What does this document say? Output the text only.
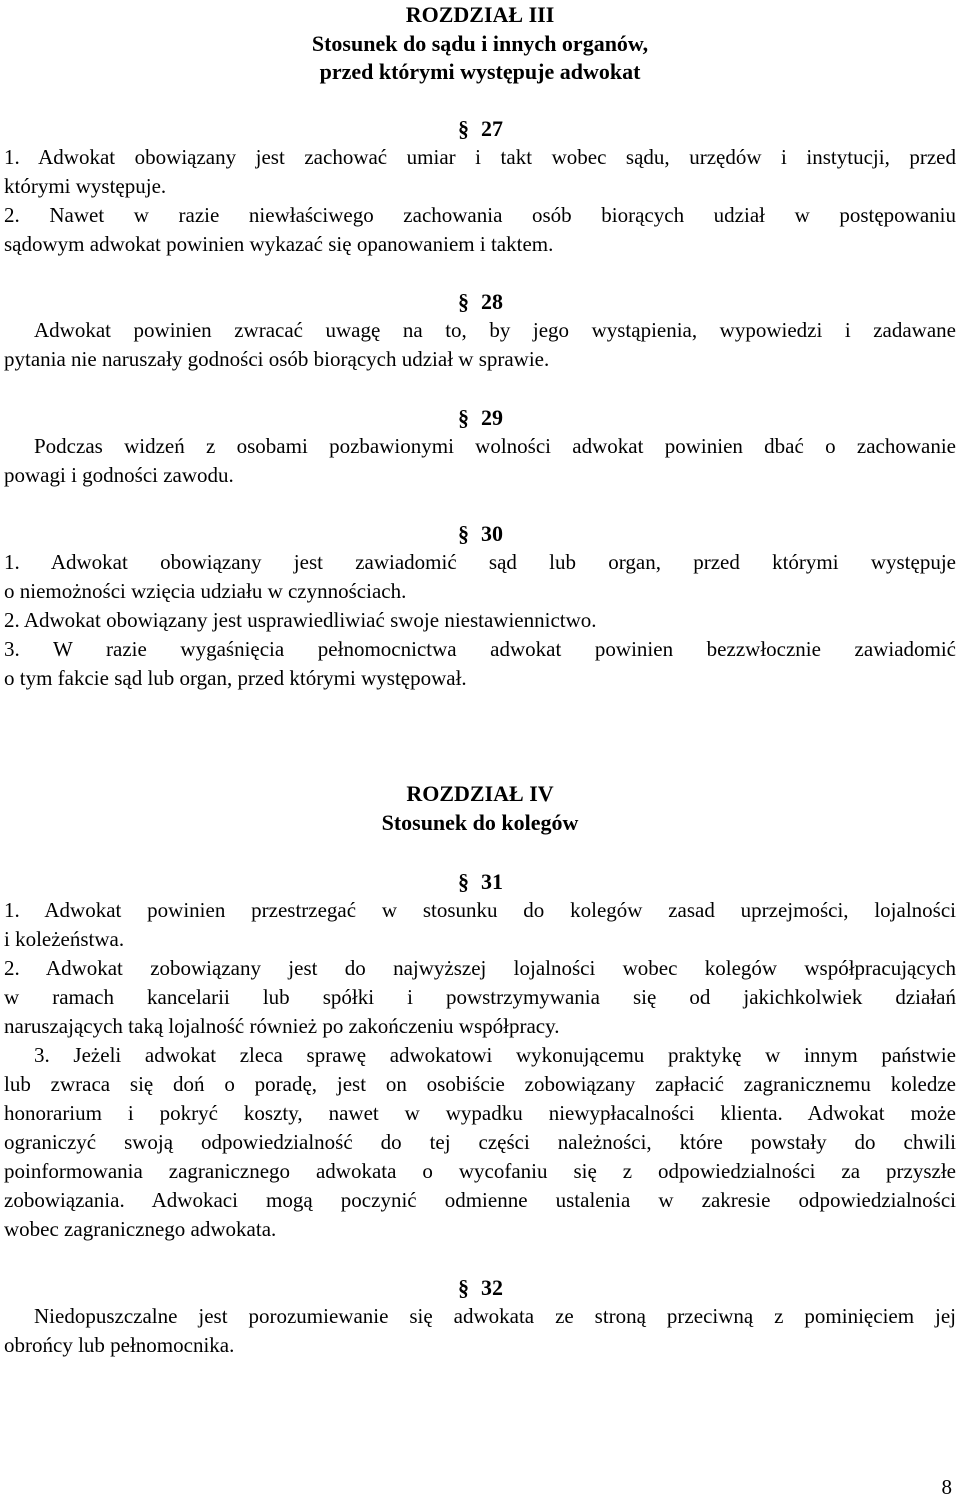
ROZDZIAŁ III
Stosunek do sądu i innych organów,
przed którymi występuje adwokat
§ 27
1. Adwokat obowiązany jest zachować umiar i takt wobec sądu, urzędów i instytucji, przed
którymi występuje.
2. Nawet w razie niewłaściwego zachowania osób biorących udział w postępowaniu
sądowym adwokat powinien wykazać się opanowaniem i taktem.
§ 28
Adwokat powinien zwracać uwagę na to, by jego wystąpienia, wypowiedzi i zadawane
pytania nie naruszały godności osób biorących udział w sprawie.
§ 29
Podczas widzeń z osobami pozbawionymi wolności adwokat powinien dbać o zachowanie
powagi i godności zawodu.
§ 30
1. Adwokat obowiązany jest zawiadomić sąd lub organ, przed którymi występuje
o niemożności wzięcia udziału w czynnościach.
2. Adwokat obowiązany jest usprawiedliwiać swoje niestawiennictwo.
3. W razie wygaśnięcia pełnomocnictwa adwokat powinien bezzwłocznie zawiadomić
o tym fakcie sąd lub organ, przed którymi występował.
ROZDZIAŁ IV
Stosunek do kolegów
§ 31
1. Adwokat powinien przestrzegać w stosunku do kolegów zasad uprzejmości, lojalności
i koleżeństwa.
2. Adwokat zobowiązany jest do najwyższej lojalności wobec kolegów współpracujących
w ramach kancelarii lub spółki i powstrzymywania się od jakichkolwiek działań
naruszających taką lojalność również po zakończeniu współpracy.
3. Jeżeli adwokat zleca sprawę adwokatowi wykonującemu praktykę w innym państwie
lub zwraca się doń o poradę, jest on osobiście zobowiązany zapłacić zagranicznemu koledze
honorarium i pokryć koszty, nawet w wypadku niewypłacalności klienta. Adwokat może
ograniczyć swoją odpowiedzialność do tej części należności, które powstały do chwili
poinformowania zagranicznego adwokata o wycofaniu się z odpowiedzialności za przyszłe
zobowiązania. Adwokaci mogą poczynić odmienne ustalenia w zakresie odpowiedzialności
wobec zagranicznego adwokata.
§ 32
Niedopuszczalne jest porozumiewanie się adwokata ze stroną przeciwną z pominięciem jej
obrońcy lub pełnomocnika.
8
